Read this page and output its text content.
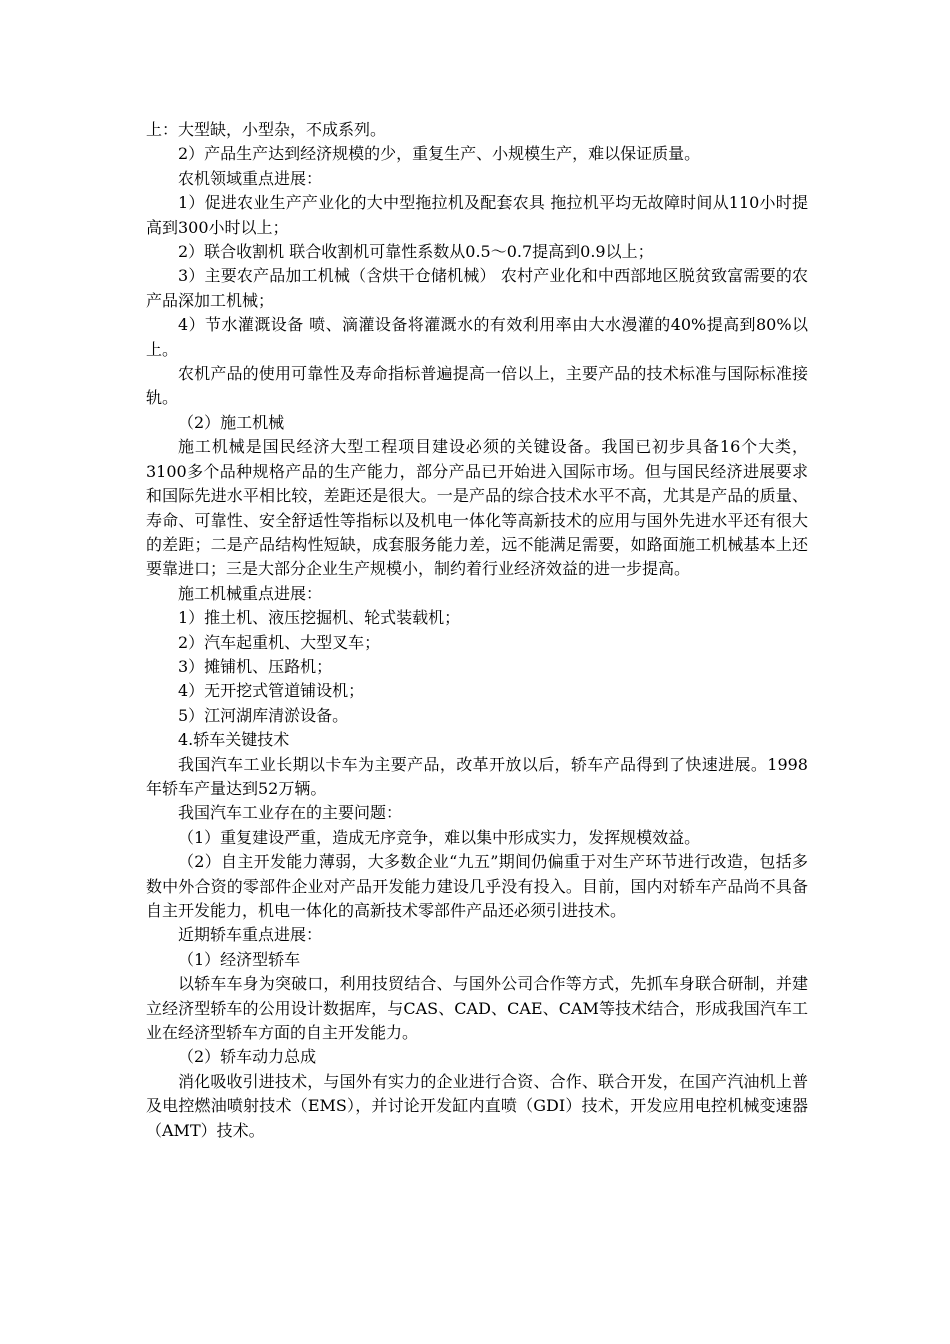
上：大型缺，小型杂，不成系列。

2）产品生产达到经济规模的少，重复生产、小规模生产，难以保证质量。

农机领域重点进展：

1）促进农业生产产业化的大中型拖拉机及配套农具 拖拉机平均无故障时间从110小时提高到300小时以上；

2）联合收割机 联合收割机可靠性系数从0.5～0.7提高到0.9以上；

3）主要农产品加工机械（含烘干仓储机械） 农村产业化和中西部地区脱贫致富需要的农产品深加工机械；

4）节水灌溉设备 喷、滴灌设备将灌溉水的有效利用率由大水漫灌的40%提高到80%以上。

农机产品的使用可靠性及寿命指标普遍提高一倍以上，主要产品的技术标准与国际标准接轨。

（2）施工机械

施工机械是国民经济大型工程项目建设必须的关键设备。我国已初步具备16个大类，3100多个品种规格产品的生产能力，部分产品已开始进入国际市场。但与国民经济进展要求和国际先进水平相比较，差距还是很大。一是产品的综合技术水平不高，尤其是产品的质量、寿命、可靠性、安全舒适性等指标以及机电一体化等高新技术的应用与国外先进水平还有很大的差距；二是产品结构性短缺，成套服务能力差，远不能满足需要，如路面施工机械基本上还要靠进口；三是大部分企业生产规模小，制约着行业经济效益的进一步提高。

施工机械重点进展：

1）推土机、液压挖掘机、轮式装载机；

2）汽车起重机、大型叉车；

3）摊铺机、压路机；

4）无开挖式管道铺设机；

5）江河湖库清淤设备。

4.轿车关键技术

我国汽车工业长期以卡车为主要产品，改革开放以后，轿车产品得到了快速进展。1998年轿车产量达到52万辆。

我国汽车工业存在的主要问题：

（1）重复建设严重，造成无序竞争，难以集中形成实力，发挥规模效益。

（2）自主开发能力薄弱，大多数企业“九五”期间仍偏重于对生产环节进行改造，包括多数中外合资的零部件企业对产品开发能力建设几乎没有投入。目前，国内对轿车产品尚不具备自主开发能力，机电一体化的高新技术零部件产品还必须引进技术。

近期轿车重点进展：

（1）经济型轿车

以轿车车身为突破口，利用技贸结合、与国外公司合作等方式，先抓车身联合研制，并建立经济型轿车的公用设计数据库，与CAS、CAD、CAE、CAM等技术结合，形成我国汽车工业在经济型轿车方面的自主开发能力。

（2）轿车动力总成

消化吸收引进技术，与国外有实力的企业进行合资、合作、联合开发，在国产汽油机上普及电控燃油喷射技术（EMS），并讨论开发缸内直喷（GDI）技术，开发应用电控机械变速器（AMT）技术。
